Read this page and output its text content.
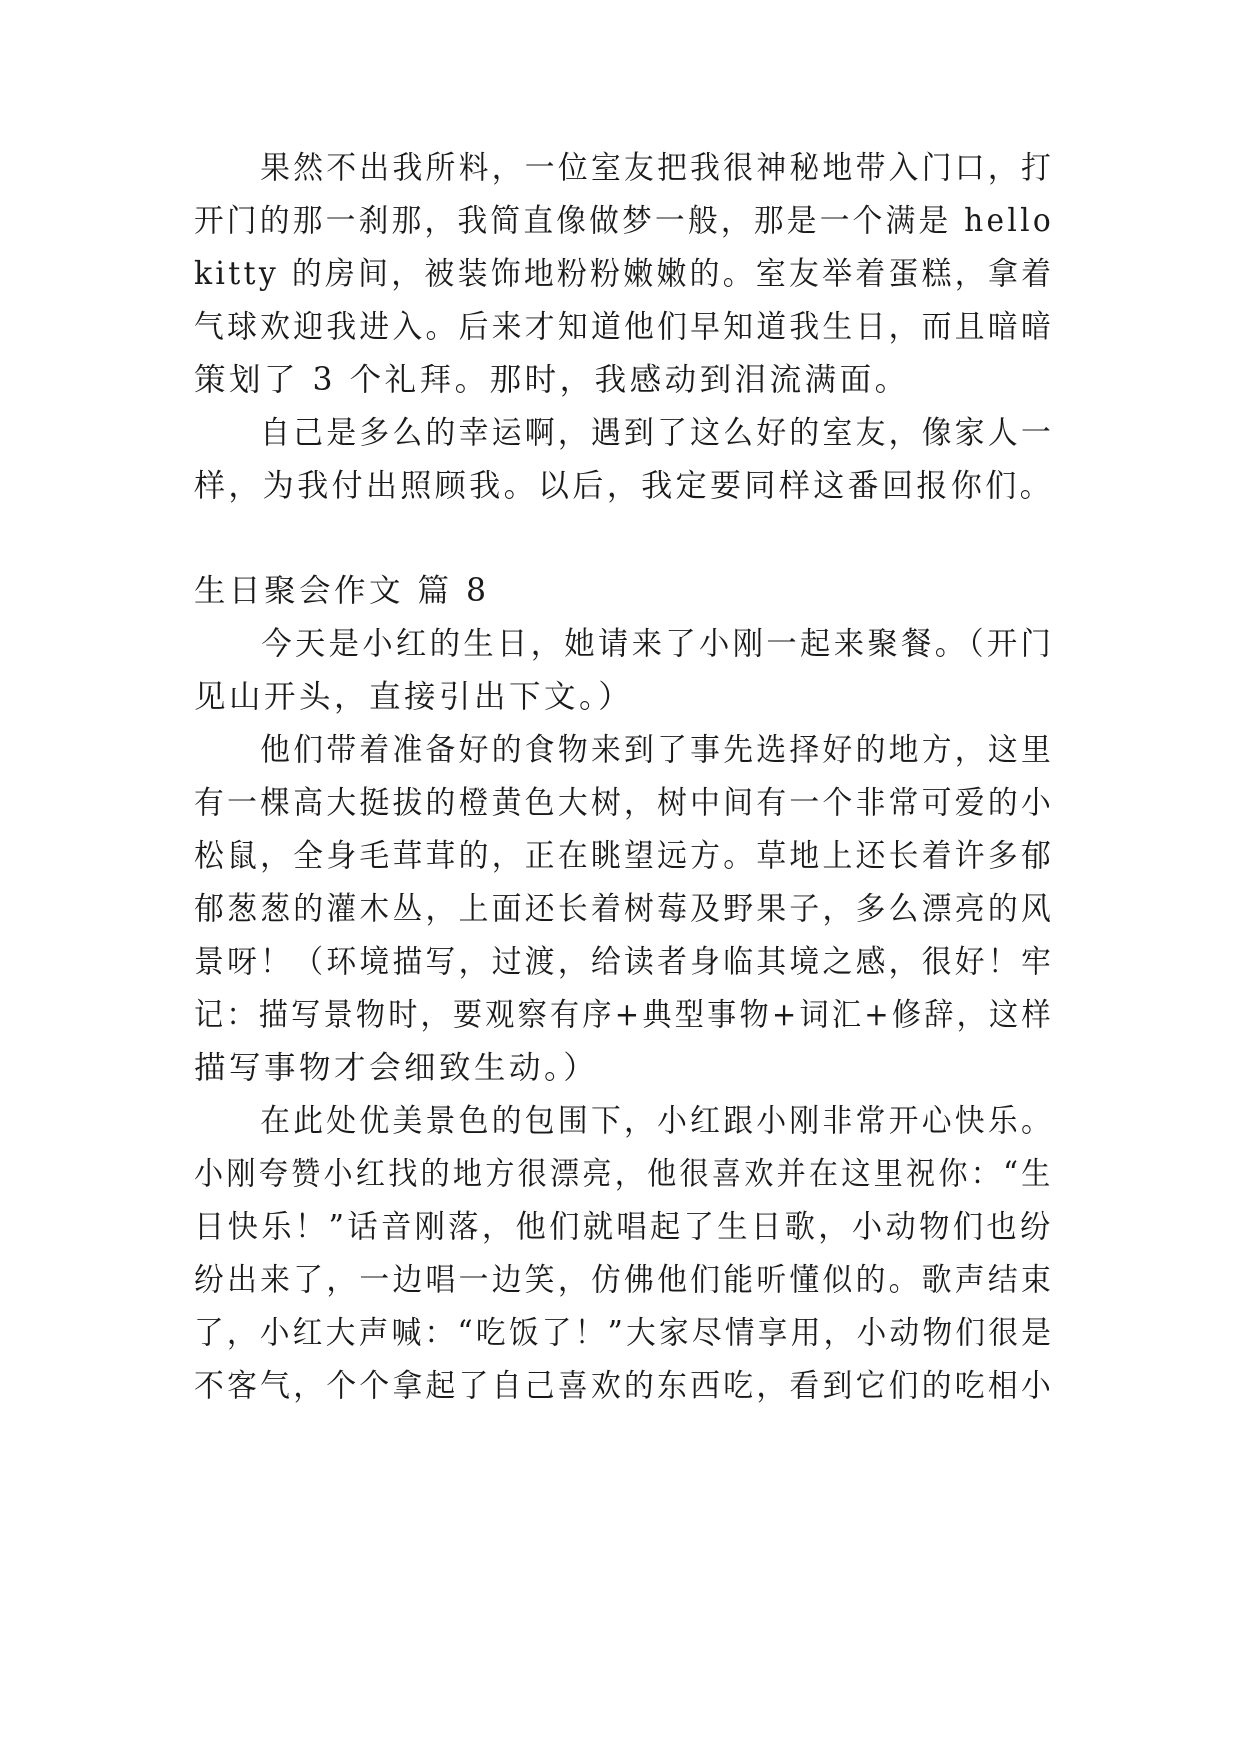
　　果然不出我所料，一位室友把我很神秘地带入门口，打
开门的那一刹那，我简直像做梦一般，那是一个满是 hello
kitty 的房间，被装饰地粉粉嫩嫩的。室友举着蛋糕，拿着
气球欢迎我进入。后来才知道他们早知道我生日，而且暗暗
策划了 3 个礼拜。那时，我感动到泪流满面。
　　自己是多么的幸运啊，遇到了这么好的室友，像家人一
样，为我付出照顾我。以后，我定要同样这番回报你们。
生日聚会作文 篇 8
　　今天是小红的生日，她请来了小刚一起来聚餐。（开门
见山开头，直接引出下文。）
　　他们带着准备好的食物来到了事先选择好的地方，这里
有一棵高大挺拔的橙黄色大树，树中间有一个非常可爱的小
松鼠，全身毛茸茸的，正在眺望远方。草地上还长着许多郁
郁葱葱的灌木丛，上面还长着树莓及野果子，多么漂亮的风
景呀！（环境描写，过渡，给读者身临其境之感，很好！牢
记：描写景物时，要观察有序+典型事物+词汇+修辞，这样
描写事物才会细致生动。）
　　在此处优美景色的包围下，小红跟小刚非常开心快乐。
小刚夸赞小红找的地方很漂亮，他很喜欢并在这里祝你：“生
日快乐！”话音刚落，他们就唱起了生日歌，小动物们也纷
纷出来了，一边唱一边笑，仿佛他们能听懂似的。歌声结束
了，小红大声喊：“吃饭了！”大家尽情享用，小动物们很是
不客气，个个拿起了自己喜欢的东西吃，看到它们的吃相小
